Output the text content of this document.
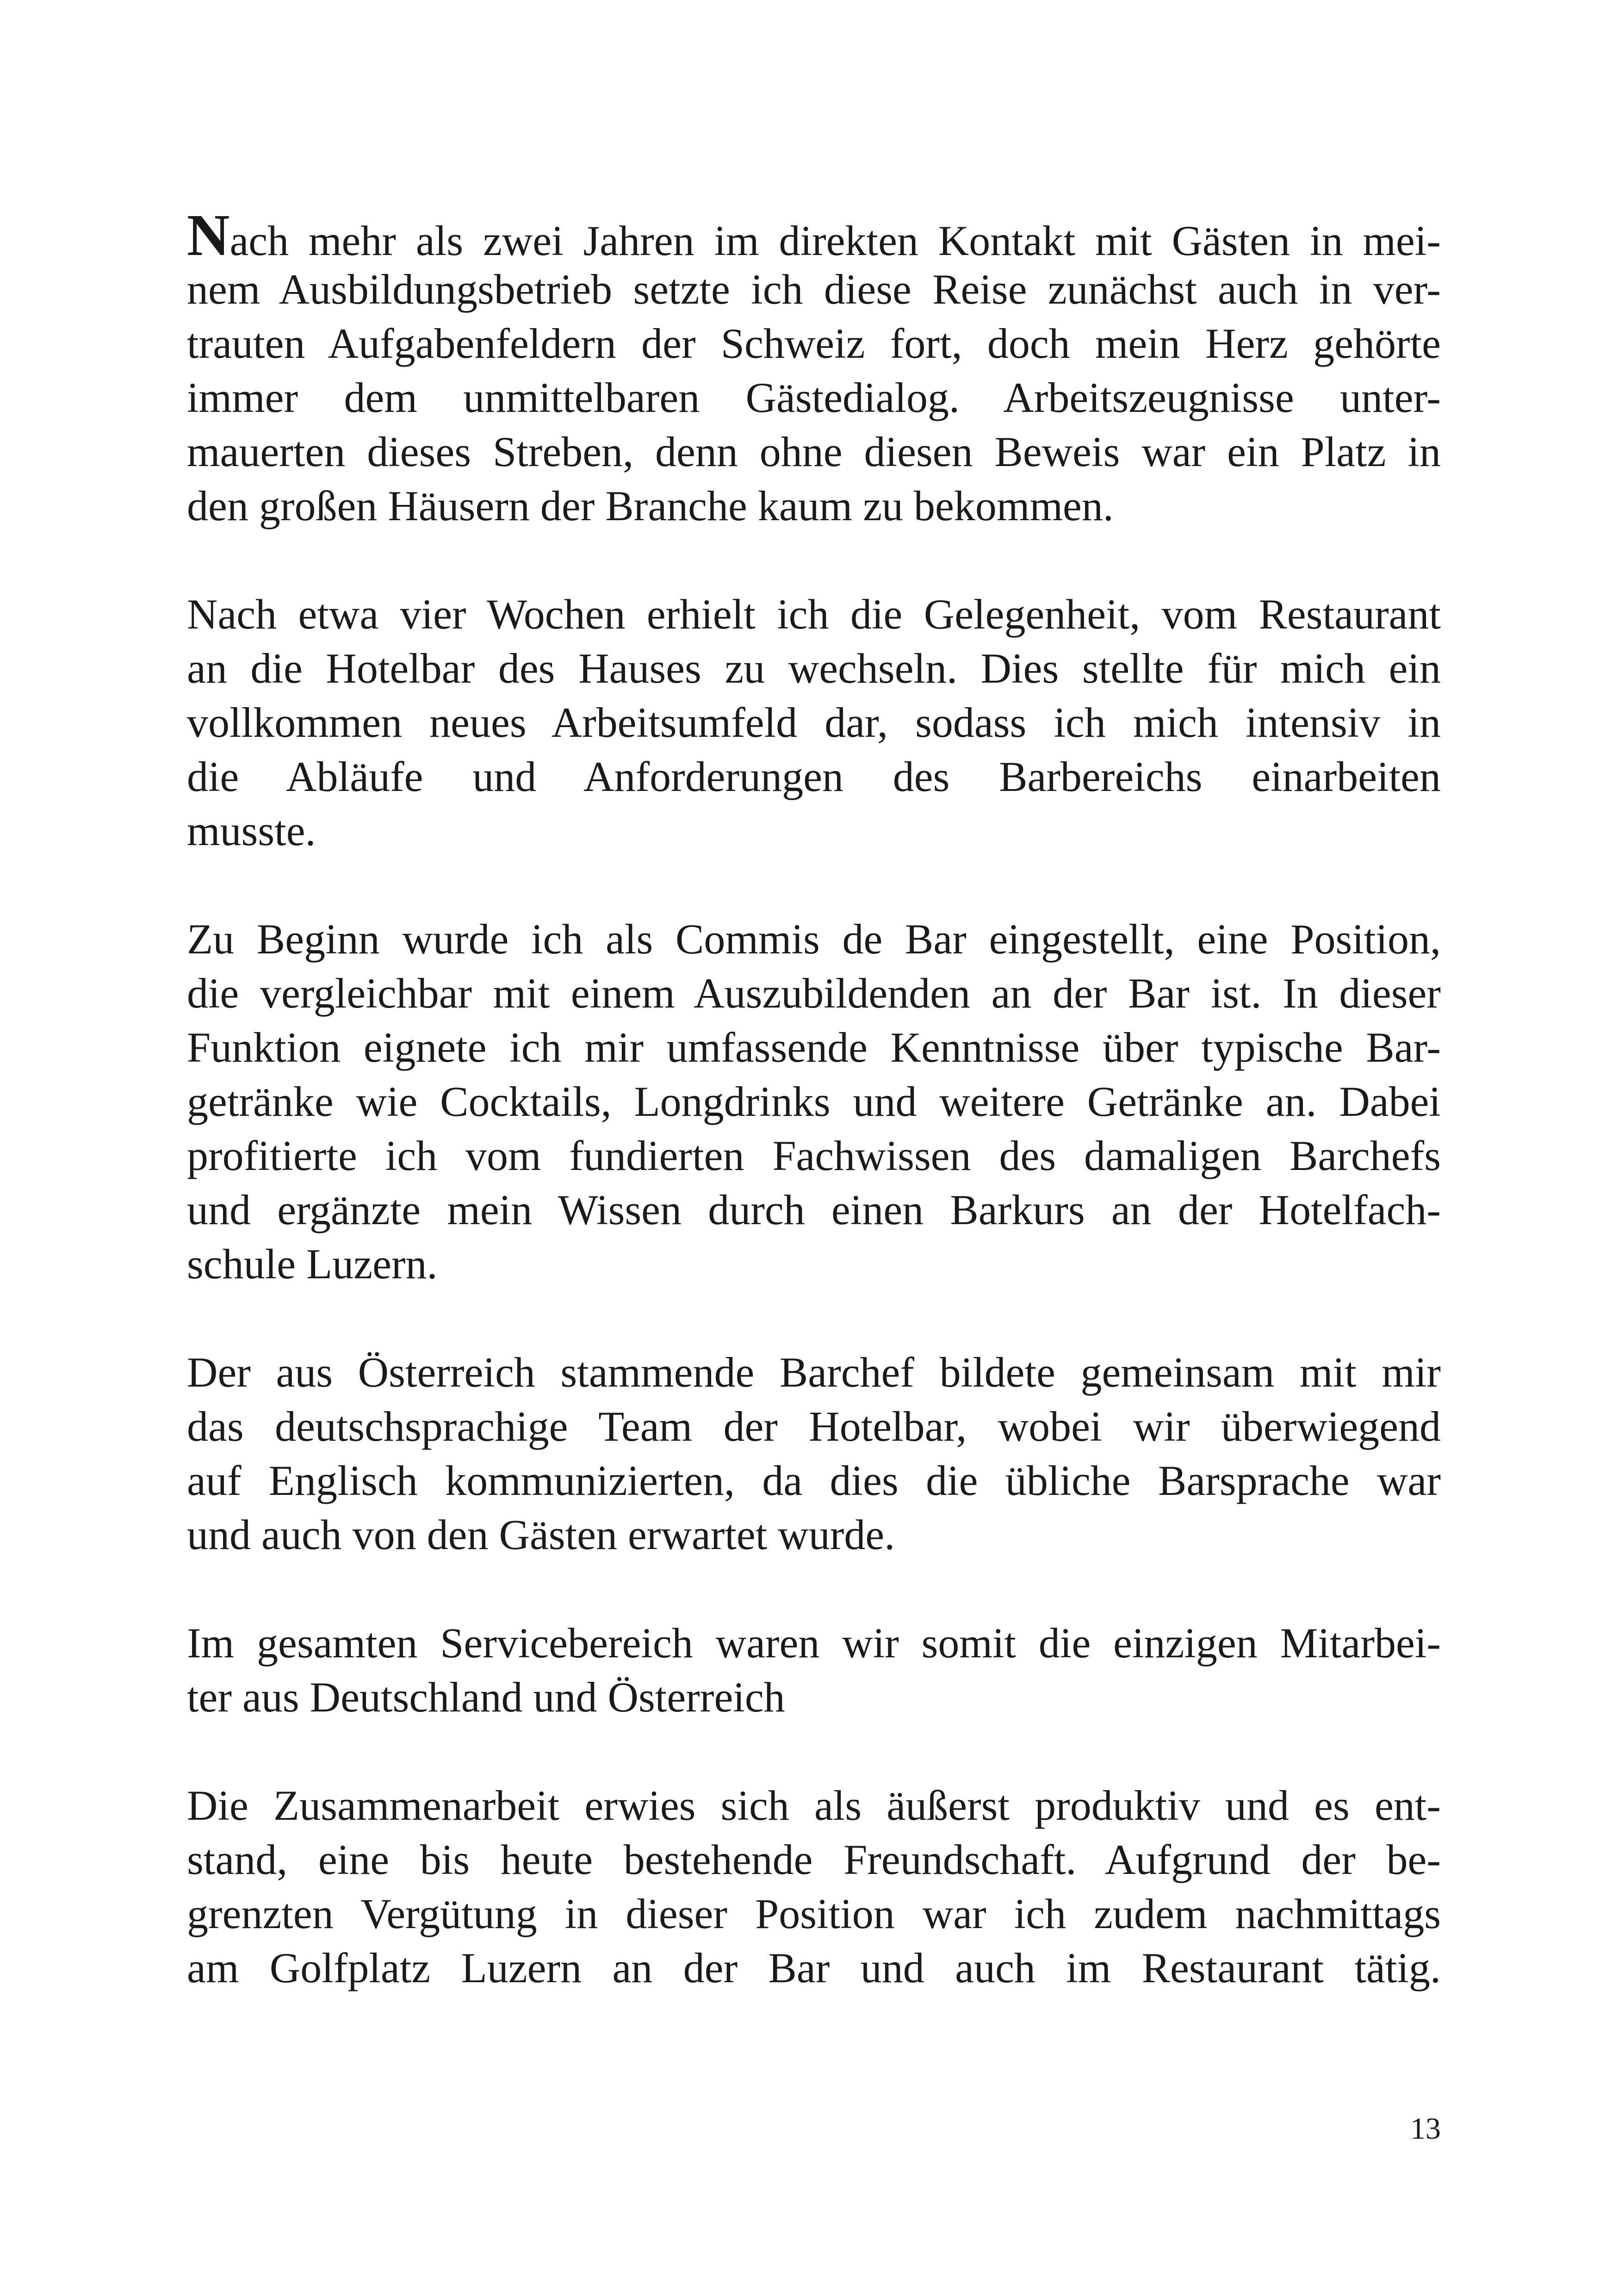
Nach mehr als zwei Jahren im direkten Kontakt mit Gästen in mei-
nem Ausbildungsbetrieb setzte ich diese Reise zunächst auch in ver-
trauten Aufgabenfeldern der Schweiz fort, doch mein Herz gehörte
immer dem unmittelbaren Gästedialog. Arbeitszeugnisse unter-
mauerten dieses Streben, denn ohne diesen Beweis war ein Platz in
den großen Häusern der Branche kaum zu bekommen.
Nach etwa vier Wochen erhielt ich die Gelegenheit, vom Restaurant
an die Hotelbar des Hauses zu wechseln. Dies stellte für mich ein
vollkommen neues Arbeitsumfeld dar, sodass ich mich intensiv in
die Abläufe und Anforderungen des Barbereichs einarbeiten
musste.
Zu Beginn wurde ich als Commis de Bar eingestellt, eine Position,
die vergleichbar mit einem Auszubildenden an der Bar ist. In dieser
Funktion eignete ich mir umfassende Kenntnisse über typische Bar-
getränke wie Cocktails, Longdrinks und weitere Getränke an. Dabei
profitierte ich vom fundierten Fachwissen des damaligen Barchefs
und ergänzte mein Wissen durch einen Barkurs an der Hotelfach-
schule Luzern.
Der aus Österreich stammende Barchef bildete gemeinsam mit mir
das deutschsprachige Team der Hotelbar, wobei wir überwiegend
auf Englisch kommunizierten, da dies die übliche Barsprache war
und auch von den Gästen erwartet wurde.
Im gesamten Servicebereich waren wir somit die einzigen Mitarbei-
ter aus Deutschland und Österreich
Die Zusammenarbeit erwies sich als äußerst produktiv und es ent-
stand, eine bis heute bestehende Freundschaft. Aufgrund der be-
grenzten Vergütung in dieser Position war ich zudem nachmittags
am Golfplatz Luzern an der Bar und auch im Restaurant tätig.
13
